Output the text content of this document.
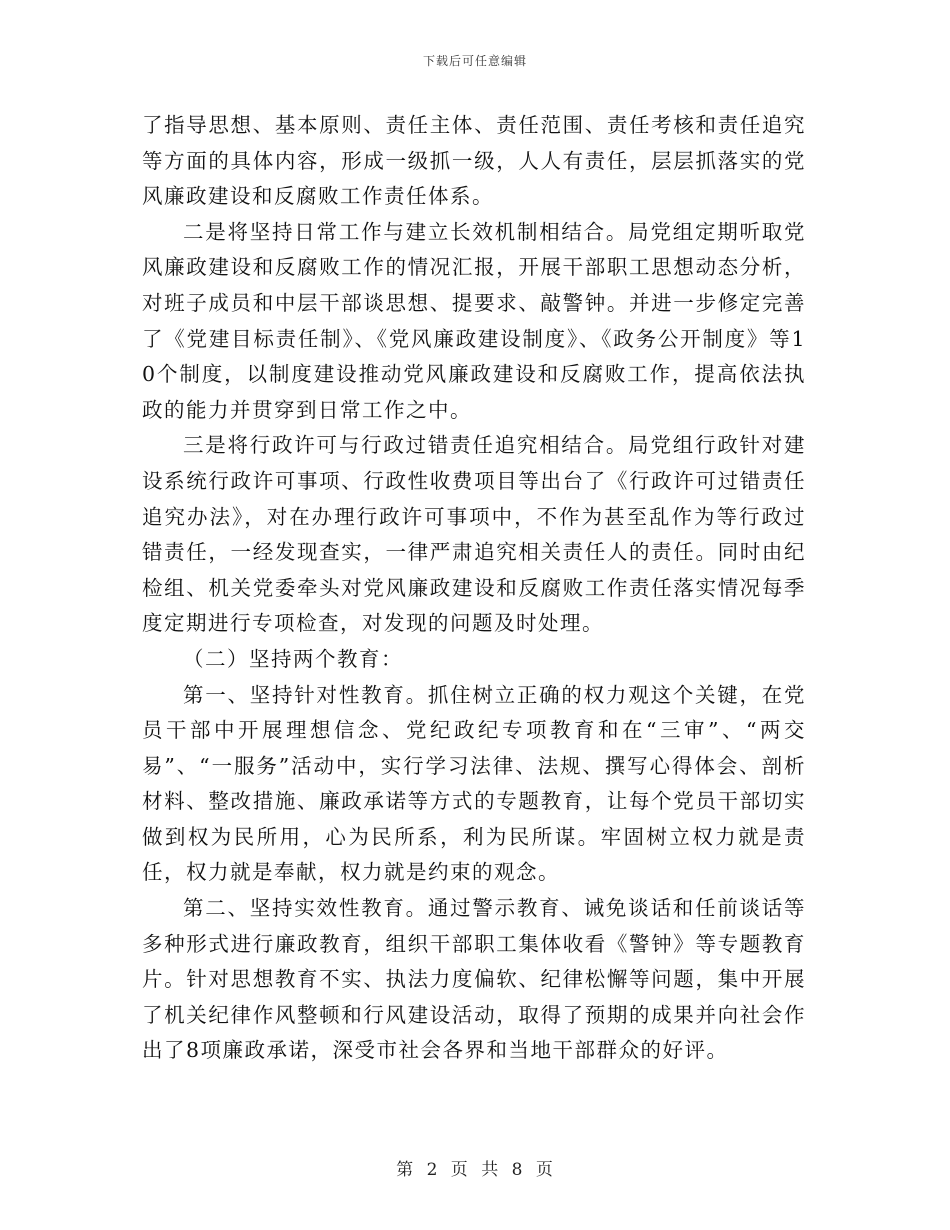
下载后可任意编辑

了指导思想、基本原则、责任主体、责任范围、责任考核和责任追究等方面的具体内容，形成一级抓一级，人人有责任，层层抓落实的党风廉政建设和反腐败工作责任体系。

二是将坚持日常工作与建立长效机制相结合。局党组定期听取党风廉政建设和反腐败工作的情况汇报，开展干部职工思想动态分析，对班子成员和中层干部谈思想、提要求、敲警钟。并进一步修定完善了《党建目标责任制》、《党风廉政建设制度》、《政务公开制度》等10个制度，以制度建设推动党风廉政建设和反腐败工作，提高依法执政的能力并贯穿到日常工作之中。

三是将行政许可与行政过错责任追究相结合。局党组行政针对建设系统行政许可事项、行政性收费项目等出台了《行政许可过错责任追究办法》，对在办理行政许可事项中，不作为甚至乱作为等行政过错责任，一经发现查实，一律严肃追究相关责任人的责任。同时由纪检组、机关党委牵头对党风廉政建设和反腐败工作责任落实情况每季度定期进行专项检查，对发现的问题及时处理。

（二）坚持两个教育：

第一、坚持针对性教育。抓住树立正确的权力观这个关键，在党员干部中开展理想信念、党纪政纪专项教育和在“三审”、“两交易”、“一服务”活动中，实行学习法律、法规、撰写心得体会、剖析材料、整改措施、廉政承诺等方式的专题教育，让每个党员干部切实做到权为民所用，心为民所系，利为民所谋。牢固树立权力就是责任，权力就是奉献，权力就是约束的观念。

第二、坚持实效性教育。通过警示教育、诫免谈话和任前谈话等多种形式进行廉政教育，组织干部职工集体收看《警钟》等专题教育片。针对思想教育不实、执法力度偏软、纪律松懈等问题，集中开展了机关纪律作风整顿和行风建设活动，取得了预期的成果并向社会作出了8项廉政承诺，深受市社会各界和当地干部群众的好评。

第 2 页 共 8 页
